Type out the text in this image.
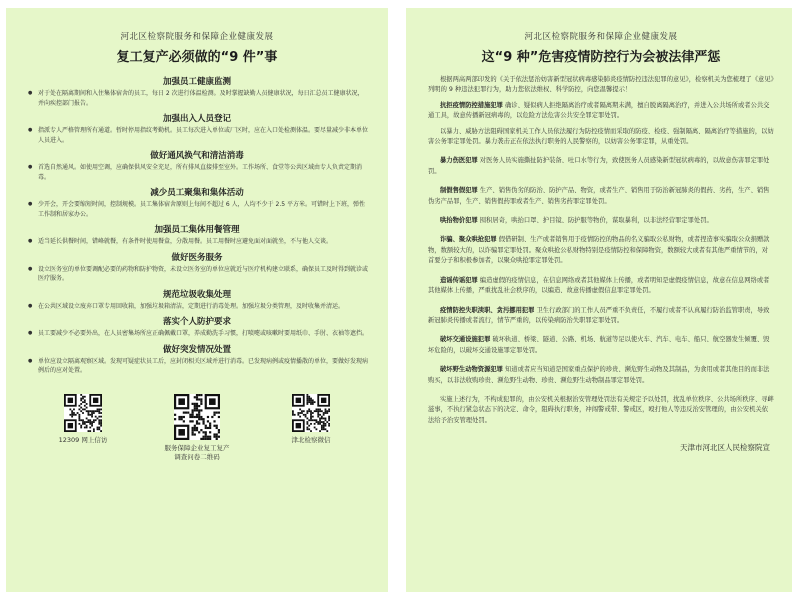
河北区检察院服务和保障企业健康发展
复工复产必须做的“9 件”事
加强员工健康监测
● 对于处在隔离期间和入住集体宿舍的员工，每日 2 次进行体温检测。及时掌握缺勤人员健康状况，每日汇总员工健康状况，并向疾控部门报告。
加强出入人员登记
● 指派专人严格管理所有通道。暂时停用指纹考勤机。员工每次进入单位或厂区时，应在入口处检测体温。要尽量减少非本单位人员进入。
做好通风换气和清洁消毒
● 首选自然通风。如使用空调，应确保供风安全充足，所有排风直接排至室外。工作场所、食堂等公共区域由专人负责定期消毒。
减少员工聚集和集体活动
● 少开会，开会要缩短时间，控制规模。员工集体宿舍原则上每间不超过 6 人，人均不少于 2.5 平方米。可错时上下班，弹性工作制和居家办公。
加强员工集体用餐管理
● 适当延长供餐时间，错峰就餐，有条件时使用餐盒，分散用餐。员工用餐时应避免面对面就坐，不与他人交谈。
做好医务服务
● 设立医务室的单位要调配必要的药物和防护物资，未设立医务室的单位应就近与医疗机构建立联系，确保员工及时得到就诊或医疗服务。
规范垃圾收集处理
● 在公共区域设立废弃口罩专用回收箱，加强垃圾箱清洁，定期进行消毒处理。加强垃圾分类管理，及时收集并清运。
落实个人防护要求
● 员工要减少不必要外出，在人员密集场所应正确佩戴口罩，养成勤洗手习惯，打喷嚏或咳嗽时要用纸巾、手肘、衣袖等遮挡。
做好突发情况处置
● 单位应设立隔离观察区域。发现可疑症状员工后，应封闭相关区域并进行消毒。已发现病例或疫情播散的单位，要做好发现病例后的应对处置。
12309 网上信访
服务保障企业复工复产
调查问卷二维码
津北检察微信
河北区检察院服务和保障企业健康发展
这“9 种”危害疫情防控行为会被法律严惩

根据两高两部印发的《关于依法惩治妨害新型冠状病毒感染肺炎疫情防控违法犯罪的意见》，检察机关为您梳理了《意见》列明的 9 种违法犯罪行为，助力您依法维权、科学防控，向您温馨提示！

抗拒疫情防控措施犯罪 确诊、疑似病人拒绝隔离治疗或者隔离期未满，擅自脱离隔离治疗，并进入公共场所或者公共交通工具，故意传播新冠病毒的，以危险方法危害公共安全罪定罪处罚。

以暴力、威胁方法阻碍国家机关工作人员依法履行为防控疫情而采取的防疫、检疫、强制隔离、隔离治疗等措施的，以妨害公务罪定罪处罚。暴力袭击正在依法执行职务的人民警察的，以妨害公务罪定罪，从重处罚。

暴力伤医犯罪 对医务人员实施撕扯防护装备、吐口水等行为，致使医务人员感染新型冠状病毒的，以故意伤害罪定罪处罚。

制假售假犯罪 生产、销售伪劣的防治、防护产品、物资，或者生产、销售用于防治新冠肺炎的假药、劣药，生产、销售伪劣产品罪，生产、销售假药罪或者生产、销售劣药罪定罪处罚。

哄抬物价犯罪 囤积居奇，哄抬口罩、护目镜、防护服等物价，谋取暴利，以非法经营罪定罪处罚。

诈骗、聚众哄抢犯罪 假借研制、生产或者销售用于疫情防控的物品的名义骗取公私财物，或者捏造事实骗取公众捐赠款物，数额较大的，以诈骗罪定罪处罚。聚众哄抢公私财物特别是疫情防控和保障物资，数额较大或者有其他严重情节的，对首要分子和积极参加者，以聚众哄抢罪定罪处罚。

造谣传谣犯罪 编造虚假的疫情信息，在信息网络或者其他媒体上传播，或者明知是虚假疫情信息，故意在信息网络或者其他媒体上传播，严重扰乱社会秩序的，以编造、故意传播虚假信息罪定罪处罚。

疫情防控失职渎职、贪污挪用犯罪 卫生行政部门的工作人员严重不负责任，不履行或者不认真履行防治监管职责，导致新冠肺炎传播或者流行，情节严重的，以传染病防治失职罪定罪处罚。

破坏交通设施犯罪 破坏轨道、桥梁、隧道、公路、机场、航道等足以使火车、汽车、电车、船只、航空器发生倾覆、毁坏危险的，以破坏交通设施罪定罪处罚。

破坏野生动物资源犯罪 知道或者应当知道是国家重点保护的珍贵、濒危野生动物及其制品，为食用或者其他目的而非法购买，以非法收购珍贵、濒危野生动物、珍贵、濒危野生动物制品罪定罪处罚。

实施上述行为，不构成犯罪的，由公安机关根据治安管理处罚法有关规定予以处罚，扰乱单位秩序、公共场所秩序、寻衅滋事，不执行紧急状态下的决定、命令，阻碍执行职务，冲闯警戒带、警戒区，殴打他人等违反治安管理的，由公安机关依法给予治安管理处罚。

天津市河北区人民检察院宣
